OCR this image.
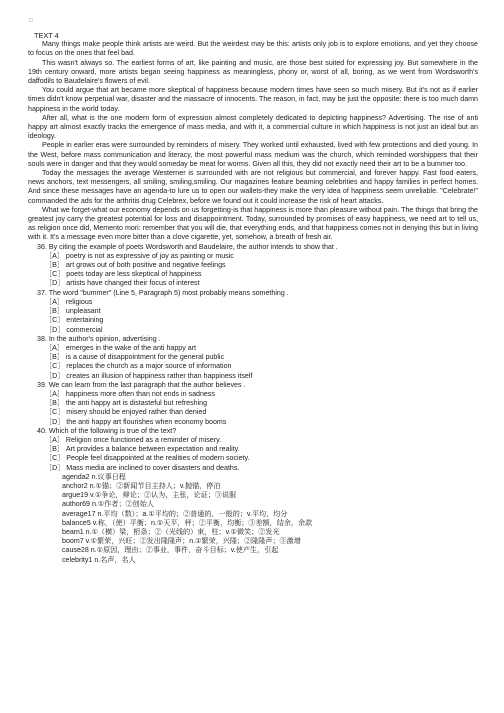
□
TEXT 4

Many things make people think artists are weird. But the weirdest may be this: artists only job is to explore emotions, and yet they choose to focus on the ones that feel bad.

This wasn't always so. The earliest forms of art, like painting and music, are those best suited for expressing joy. But somewhere in the 19th century onward, more artists began seeing happiness as meaningless, phony or, worst of all, boring, as we went from Wordsworth's daffodils to Baudelaire's flowers of evil.

You could argue that art became more skeptical of happiness because modern times have seen so much misery. But it's not as if earlier times didn't know perpetual war, disaster and the massacre of innocents. The reason, in fact, may be just the opposite: there is too much damn happiness in the world today.

After all, what is the one modern form of expression almost completely dedicated to depicting happiness? Advertising. The rise of anti happy art almost exactly tracks the emergence of mass media, and with it, a commercial culture in which happiness is not just an ideal but an ideology.

People in earlier eras were surrounded by reminders of misery. They worked until exhausted, lived with few protections and died young. In the West, before mass communication and literacy, the most powerful mass medium was the church, which reminded worshippers that their souls were in danger and that they would someday be meat for worms. Given all this, they did not exactly need their art to be a bummer too.

Today the messages the average Westerner is surrounded with are not religious but commercial, and forever happy. Fast food eaters, news anchors, text messengers, all smiling, smiling,smiling. Our magazines feature beaming celebrities and happy families in perfect homes. And since these messages have an agenda-to lure us to open our wallets-they make the very idea of happiness seem unreliable. "Celebrate!" commanded the ads for the arthritis drug Celebrex, before we found out it could increase the risk of heart attacks.

What we forget-what our economy depends on us forgetting-is that happiness is more than pleasure without pain. The things that bring the greatest joy carry the greatest potential for loss and disappointment. Today, surrounded by promises of easy happiness, we need art to tell us, as religion once did, Memento mori: remember that you will die, that everything ends, and that happiness comes not in denying this but in living with it. It's a message even more bitter than a clove cigarette, yet, somehow, a breath of fresh air.

36. By citing the example of poets Wordsworth and Baudelaire, the author intends to show that .
［A］ poetry is not as expressive of joy as painting or music
［B］ art grows out of both positive and negative feelings
［C］ poets today are less skeptical of happiness
［D］ artists have changed their focus of interest
37. The word "bummer" (Line 5, Paragraph 5) most probably means something .
［A］ religious
［B］ unpleasant
［C］ entertaining
［D］ commercial
38. In the author's opinion, advertising .
［A］ emerges in the wake of the anti happy art
［B］ is a cause of disappointment for the general public
［C］ replaces the church as a major source of information
［D］ creates an illusion of happiness rather than happiness itself
39. We can learn from the last paragraph that the author believes .
［A］ happiness more often than not ends in sadness
［B］ the anti happy art is distasteful but refreshing
［C］ misery should be enjoyed rather than denied
［D］ the anti happy art flourishes when economy booms
40. Which of the following is true of the text?
［A］ Religion once functioned as a reminder of misery.
［B］ Art provides a balance between expectation and reality.
［C］ People feel disappointed at the realities of modern society.
［D］ Mass media are inclined to cover disasters and deaths.
agenda2 n.议事日程
anchor2 n.①锚；②新闻节目主持人；v.抛锚，停泊
argue19 v.①争论，辩论；②认为，主张，论证；③说服
author69 n.①作者；②创始人
average17 n.平均（数）；a.①平均的；②普通的，一般的；v.平均，均分
balance5 v.称，（使）平衡；n.①天平，秤；②平衡，均衡；③差额，结余，余款
beam1 n.①（横）梁，桁条；②（光线的）束，柱；v.①微笑；②发光
boom7 v.①繁荣，兴旺；②发出隆隆声；n.①繁荣，兴隆；②隆隆声；③激增
cause28 n.①原因，理由；②事业，事件，奋斗目标；v.使产生，引起
celebrity1 n.名声，名人
